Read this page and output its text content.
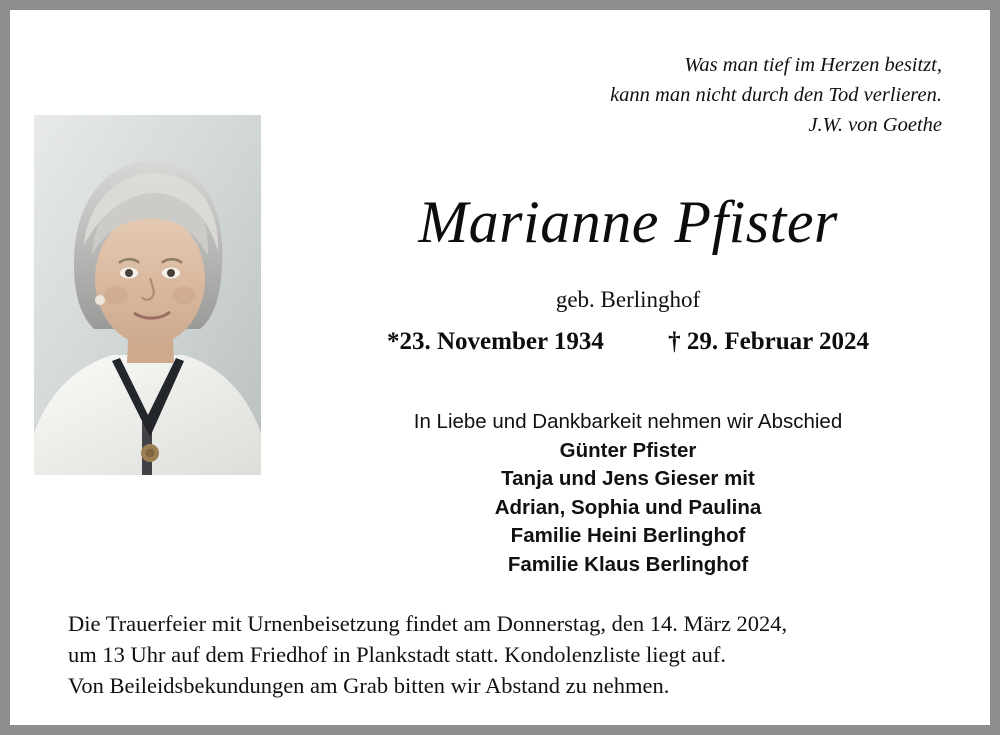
Was man tief im Herzen besitzt,
kann man nicht durch den Tod verlieren.
J.W. von Goethe
Marianne Pfister
geb. Berlinghof
*23. November 1934	† 29. Februar 2024
In Liebe und Dankbarkeit nehmen wir Abschied
Günter Pfister
Tanja und Jens Gieser mit
Adrian, Sophia und Paulina
Familie Heini Berlinghof
Familie Klaus Berlinghof
Die Trauerfeier mit Urnenbeisetzung findet am Donnerstag, den 14. März 2024,
um 13 Uhr auf dem Friedhof in Plankstadt statt. Kondolenzliste liegt auf.
Von Beileidsbekundungen am Grab bitten wir Abstand zu nehmen.
